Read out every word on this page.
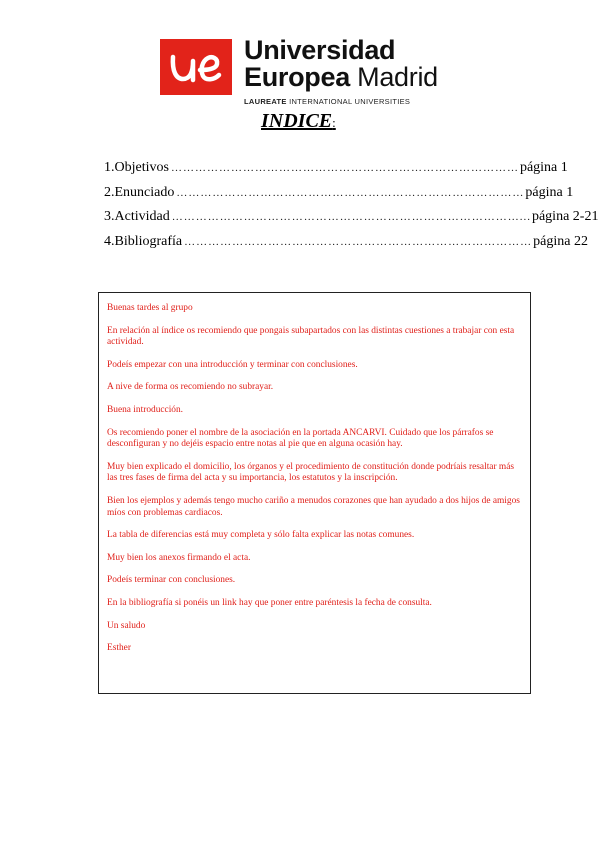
Universidad
Europea Madrid
LAUREATE INTERNATIONAL UNIVERSITIES
INDICE:
1. Objetivos …………………………………………………………………………… página 1
2. Enunciado …………………………………………………………………………… página 1
3. Actividad ……………………………………………………………………………... página 2-21
4. Bibliografía …………………………………………………………………………… página 22

Buenas tardes al grupo

En relación al índice os recomiendo que pongais subapartados con las distintas cuestiones a trabajar con esta actividad.

Podeís empezar con una introducción y terminar con conclusiones.

A nive de forma os recomiendo no subrayar.

Buena introducción.

Os recomiendo poner el nombre de la asociación en la portada ANCARVI. Cuidado que los párrafos se desconfiguran y no dejéis espacio entre notas al pie que en alguna ocasión hay.

Muy bien explicado el domicilio, los órganos y el procedimiento de constitución donde podríais resaltar más las tres fases de firma del acta y su importancia, los estatutos y la inscripción.

Bien los ejemplos y además tengo mucho cariño a menudos corazones que han ayudado a dos hijos de amigos míos con problemas cardiacos.

La tabla de diferencias está muy completa y sólo falta explicar las notas comunes.

Muy bien los anexos firmando el acta.

Podeís terminar con conclusiones.

En la bibliografía si ponéis un link hay que poner entre paréntesis la fecha de consulta.

Un saludo

Esther
